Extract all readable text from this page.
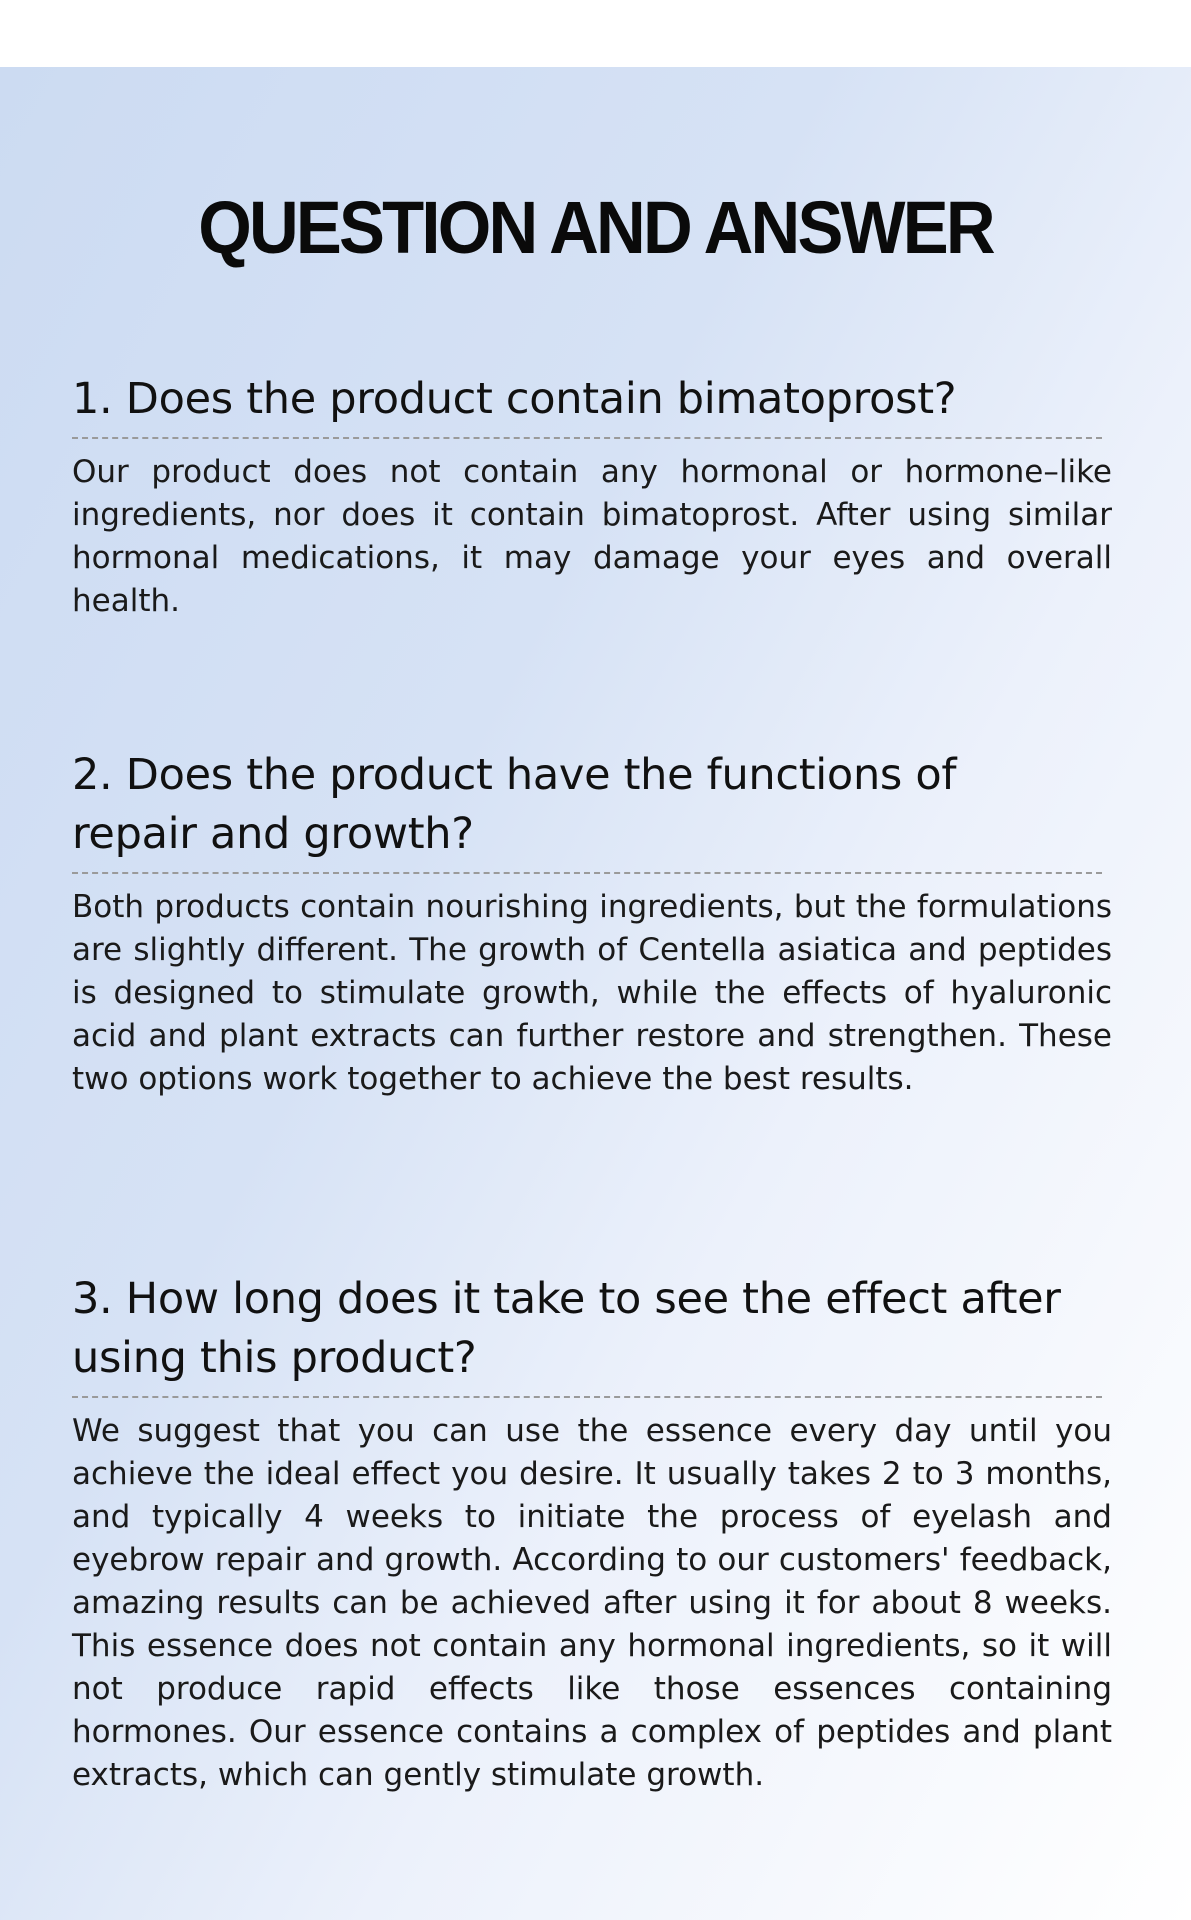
QUESTION AND ANSWER
1. Does the product contain bimatoprost?
Our product does not contain any hormonal or hormone–like ingredients, nor does it contain bimatoprost. After using similar hormonal medications, it may damage your eyes and overall health.
2. Does the product have the functions of repair and growth?
Both products contain nourishing ingredients, but the formulations are slightly different. The growth of Centella asiatica and peptides is designed to stimulate growth, while the effects of hyaluronic acid and plant extracts can further restore and strengthen. These two options work together to achieve the best results.
3. How long does it take to see the effect after using this product?
We suggest that you can use the essence every day until you achieve the ideal effect you desire. It usually takes 2 to 3 months, and typically 4 weeks to initiate the process of eyelash and eyebrow repair and growth. According to our customers' feedback, amazing results can be achieved after using it for about 8 weeks. This essence does not contain any hormonal ingredients, so it will not produce rapid effects like those essences containing hormones. Our essence contains a complex of peptides and plant extracts, which can gently stimulate growth.
